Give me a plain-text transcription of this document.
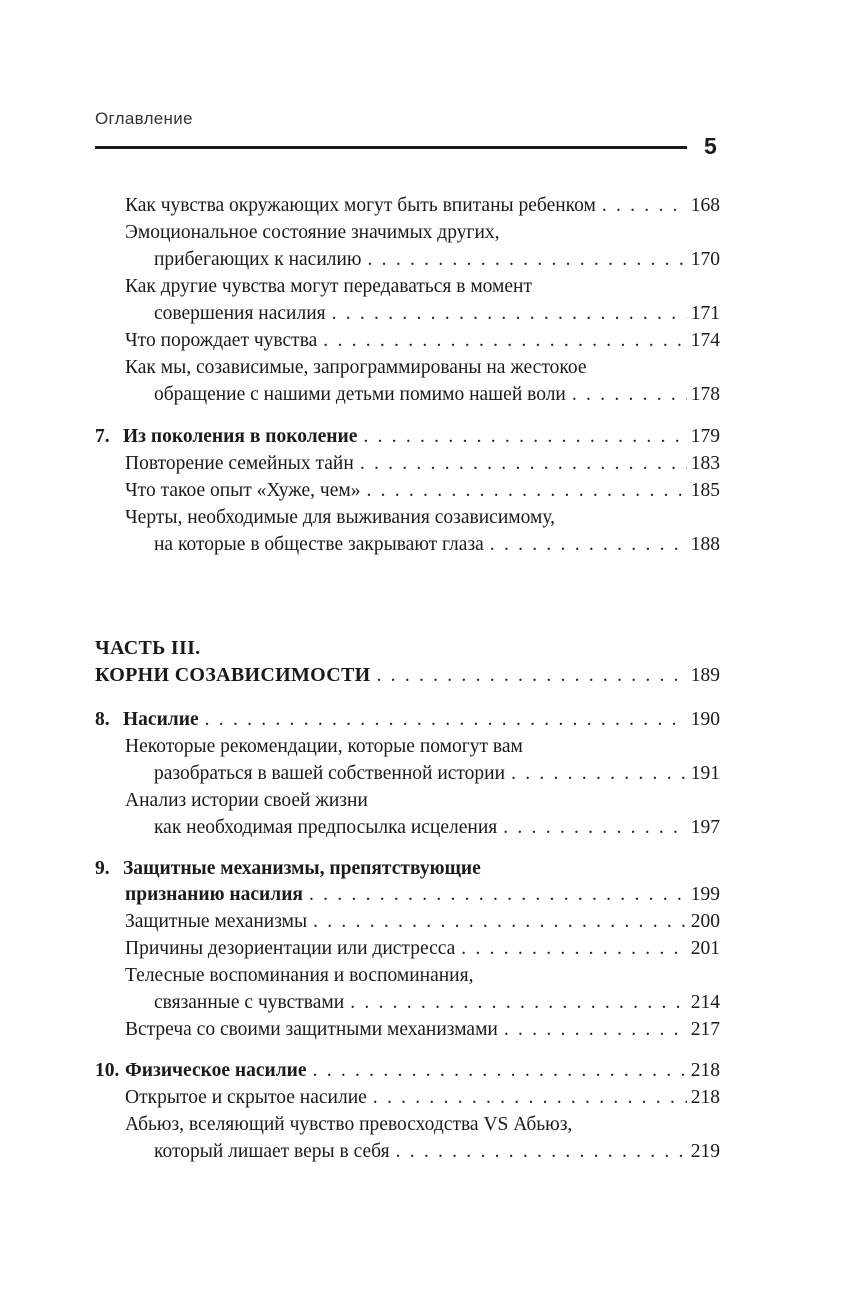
Оглавление
5
Как чувства окружающих могут быть впитаны ребенком . . .	168
Эмоциональное состояние значимых других,
прибегающих к насилию . . .	170
Как другие чувства могут передаваться в момент
совершения насилия . . .	171
Что порождает чувства . . .	174
Как мы, созависимые, запрограммированы на жестокое
обращение с нашими детьми помимо нашей воли . . .	178
7. Из поколения в поколение . . .	179
Повторение семейных тайн . . .	183
Что такое опыт «Хуже, чем» . . .	185
Черты, необходимые для выживания созависимому,
на которые в обществе закрывают глаза . . .	188
ЧАСТЬ III.
КОРНИ СОЗАВИСИМОСТИ . . .	189
8. Насилие . . .	190
Некоторые рекомендации, которые помогут вам
разобраться в вашей собственной истории . . .	191
Анализ истории своей жизни
как необходимая предпосылка исцеления . . .	197
9. Защитные механизмы, препятствующие
признанию насилия . . .	199
Защитные механизмы . . .	200
Причины дезориентации или дистресса . . .	201
Телесные воспоминания и воспоминания,
связанные с чувствами . . .	214
Встреча со своими защитными механизмами . . .	217
10. Физическое насилие . . .	218
Открытое и скрытое насилие . . .	218
Абьюз, вселяющий чувство превосходства VS Абьюз,
который лишает веры в себя . . .	219
